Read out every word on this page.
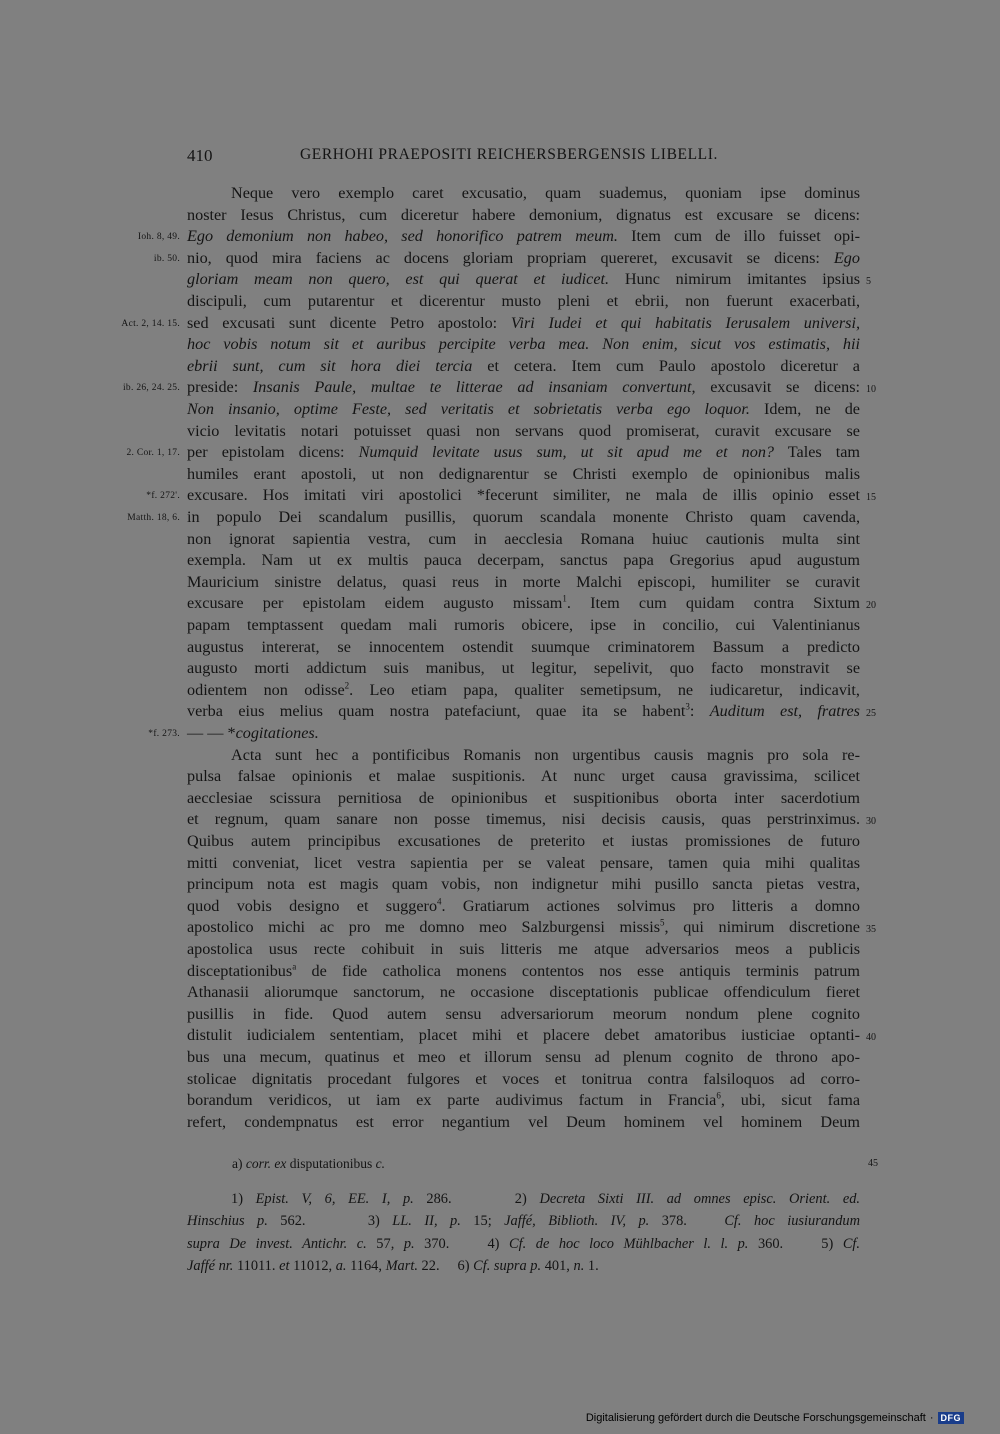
410	GERHOHI PRAEPOSITI REICHERSBERGENSIS LIBELLI.
Neque vero exemplo caret excusatio, quam suademus, quoniam ipse dominus
noster Iesus Christus, cum diceretur habere demonium, dignatus est excusare se dicens:
Ego demonium non habeo, sed honorifico patrem meum. Item cum de illo fuisset opi-
nio, quod mira faciens ac docens gloriam propriam quereret, excusavit se dicens: Ego
gloriam meam non quero, est qui querat et iudicet. Hunc nimirum imitantes ipsius
discipuli, cum putarentur et dicerentur musto pleni et ebrii, non fuerunt exacerbati,
sed excusati sunt dicente Petro apostolo: Viri Iudei et qui habitatis Ierusalem universi,
hoc vobis notum sit et auribus percipite verba mea. Non enim, sicut vos estimatis, hii
ebrii sunt, cum sit hora diei tercia et cetera. Item cum Paulo apostolo diceretur a
preside: Insanis Paule, multae te litterae ad insaniam convertunt, excusavit se dicens:
Non insanio, optime Feste, sed veritatis et sobrietatis verba ego loquor. Idem, ne de
vicio levitatis notari potuisset quasi non servans quod promiserat, curavit excusare se
per epistolam dicens: Numquid levitate usus sum, ut sit apud me et non? Tales tam
humiles erant apostoli, ut non dedignarentur se Christi exemplo de opinionibus malis
excusare. Hos imitati viri apostolici *fecerunt similiter, ne mala de illis opinio esset
in populo Dei scandalum pusillis, quorum scandala monente Christo quam cavenda,
non ignorat sapientia vestra, cum in aecclesia Romana huiuc cautionis multa sint
exempla. Nam ut ex multis pauca decerpam, sanctus papa Gregorius apud augustum
Mauricium sinistre delatus, quasi reus in morte Malchi episcopi, humiliter se curavit
excusare per epistolam eidem augusto missam$^1$. Item cum quidam contra Sixtum
papam temptassent quedam mali rumoris obicere, ipse in concilio, cui Valentinianus
augustus intererat, se innocentem ostendit suumque criminatorem Bassum a predicto
augusto morti addictum suis manibus, ut legitur, sepelivit, quo facto monstravit se
odientem non odisse$^2$. Leo etiam papa, qualiter semetipsum, ne iudicaretur, indicavit,
verba eius melius quam nostra patefaciunt, quae ita se habent$^3$: Auditum est, fratres
— — *cogitationes.
Acta sunt hec a pontificibus Romanis non urgentibus causis magnis pro sola re-
pulsa falsae opinionis et malae suspitionis. At nunc urget causa gravissima, scilicet
aecclesiae scissura pernitiosa de opinionibus et suspitionibus oborta inter sacerdotium
et regnum, quam sanare non posse timemus, nisi decisis causis, quas perstrinximus.
Quibus autem principibus excusationes de preterito et iustas promissiones de futuro
mitti conveniat, licet vestra sapientia per se valeat pensare, tamen quia mihi qualitas
principum nota est magis quam vobis, non indignetur mihi pusillo sancta pietas vestra,
quod vobis designo et suggero$^4$. Gratiarum actiones solvimus pro litteris a domno
apostolico michi ac pro me domno meo Salzburgensi missis$^5$, qui nimirum discretione
apostolica usus recte cohibuit in suis litteris me atque adversarios meos a publicis
disceptationibus$^a$ de fide catholica monens contentos nos esse antiquis terminis patrum
Athanasii aliorumque sanctorum, ne occasione disceptationis publicae offendiculum fieret
pusillis in fide. Quod autem sensu adversariorum meorum nondum plene cognito
distulit iudicialem sententiam, placet mihi et placere debet amatoribus iusticiae optanti-
bus una mecum, quatinus et meo et illorum sensu ad plenum cognito de throno apo-
stolicae dignitatis procedant fulgores et voces et tonitrua contra falsiloquos ad corro-
borandum veridicos, ut iam ex parte audivimus factum in Francia$^6$, ubi, sicut fama
refert, condempnatus est error negantium vel Deum hominem vel hominem Deum
Ioh. 8, 49.
ib. 50.
Act. 2, 14. 15.
ib. 26, 24. 25.
2. Cor. 1, 17.
*f. 272'.
Matth. 18, 6.
*f. 273.
5
10
15
20
25
30
35
40
a) corr. ex disputationibus c.	45
1) Epist. V, 6, EE. I, p. 286.     2) Decreta Sixti III. ad omnes episc. Orient. ed.
Hinschius p. 562.     3) LL. II, p. 15; Jaffé, Biblioth. IV, p. 378.   Cf. hoc iusiurandum
supra De invest. Antichr. c. 57, p. 370.    4) Cf. de hoc loco Mühlbacher l. l. p. 360.    5) Cf.
Jaffé nr. 11011. et 11012, a. 1164, Mart. 22.     6) Cf. supra p. 401, n. 1.
Digitalisierung gefördert durch die Deutsche Forschungsgemeinschaft · DFG
